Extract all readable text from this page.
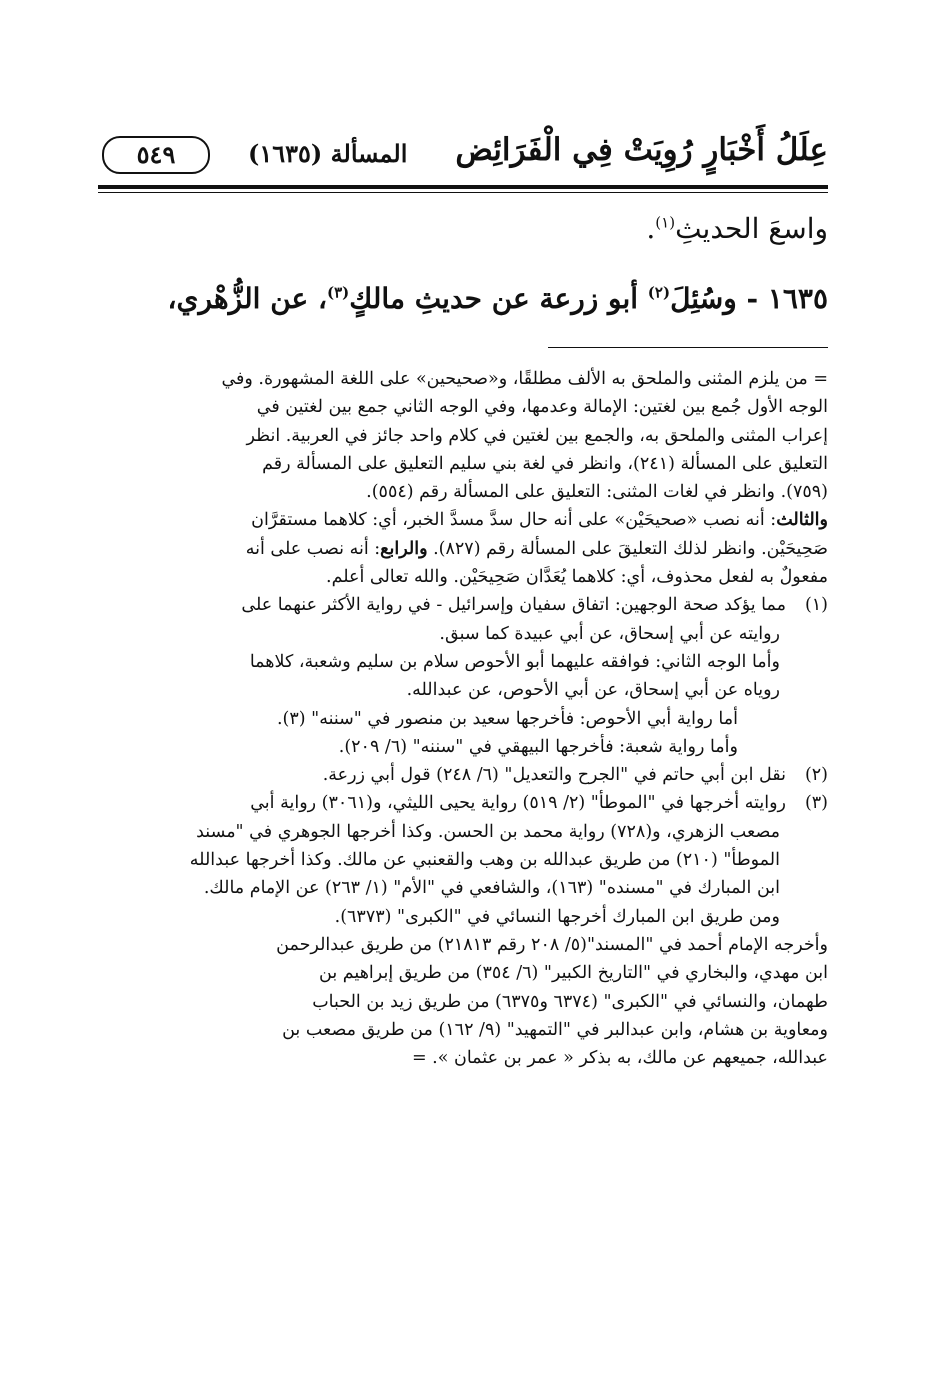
عِلَلُ أَخْبَارٍ رُوِيَتْ فِي الْفَرَائِض
المسألة (١٦٣٥)
٥٤٩
واسعَ الحديثِ$^{(١)}$.
١٦٣٥ - وسُئِلَ$^{(٢)}$ أبو زرعة عن حديثِ مالكٍ$^{(٣)}$، عن الزُّهْري،

= من يلزم المثنى والملحق به الألف مطلقًا، و«صحيحين» على اللغة المشهورة. وفي

الوجه الأول جُمع بين لغتين: الإمالة وعدمها، وفي الوجه الثاني جمع بين لغتين في

إعراب المثنى والملحق به، والجمع بين لغتين في كلام واحد جائز في العربية. انظر

التعليق على المسألة (٢٤١)، وانظر في لغة بني سليم التعليق على المسألة رقم

(٧٥٩). وانظر في لغات المثنى: التعليق على المسألة رقم (٥٥٤).

والثالث: أنه نصب «صحيحَيْن» على أنه حال سدَّ مسدَّ الخبر، أي: كلاهما مستقرَّان

صَحِيحَيْن. وانظر لذلك التعليقَ على المسألة رقم (٨٢٧). والرابع: أنه نصب على أنه

مفعولٌ به لفعل محذوف، أي: كلاهما يُعَدَّان صَحِيحَيْن. والله تعالى أعلم.

(١)مما يؤكد صحة الوجهين: اتفاق سفيان وإسرائيل - في رواية الأكثر عنهما على

روايته عن أبي إسحاق، عن أبي عبيدة كما سبق.

وأما الوجه الثاني: فوافقه عليهما أبو الأحوص سلام بن سليم وشعبة، كلاهما

روياه عن أبي إسحاق، عن أبي الأحوص، عن عبدالله.

أما رواية أبي الأحوص: فأخرجها سعيد بن منصور في "سننه" (٣).

وأما رواية شعبة: فأخرجها البيهقي في "سننه" (٦/ ٢٠٩).

(٢)نقل ابن أبي حاتم في "الجرح والتعديل" (٦/ ٢٤٨) قول أبي زرعة.

(٣)روايته أخرجها في "الموطأ" (٢/ ٥١٩) رواية يحيى الليثي، و(٣٠٦١) رواية أبي

مصعب الزهري، و(٧٢٨) رواية محمد بن الحسن. وكذا أخرجها الجوهري في "مسند

الموطأ" (٢١٠) من طريق عبدالله بن وهب والقعنبي عن مالك. وكذا أخرجها عبدالله

ابن المبارك في "مسنده" (١٦٣)، والشافعي في "الأم" (١/ ٢٦٣) عن الإمام مالك.

ومن طريق ابن المبارك أخرجها النسائي في "الكبرى" (٦٣٧٣).

وأخرجه الإمام أحمد في "المسند"(٥/ ٢٠٨ رقم ٢١٨١٣) من طريق عبدالرحمن

ابن مهدي، والبخاري في "التاريخ الكبير" (٦/ ٣٥٤) من طريق إبراهيم بن

طهمان، والنسائي في "الكبرى" (٦٣٧٤ و٦٣٧٥) من طريق زيد بن الحباب

ومعاوية بن هشام، وابن عبدالبر في "التمهيد" (٩/ ١٦٢) من طريق مصعب بن

عبدالله، جميعهم عن مالك، به بذكر « عمر بن عثمان ». =
